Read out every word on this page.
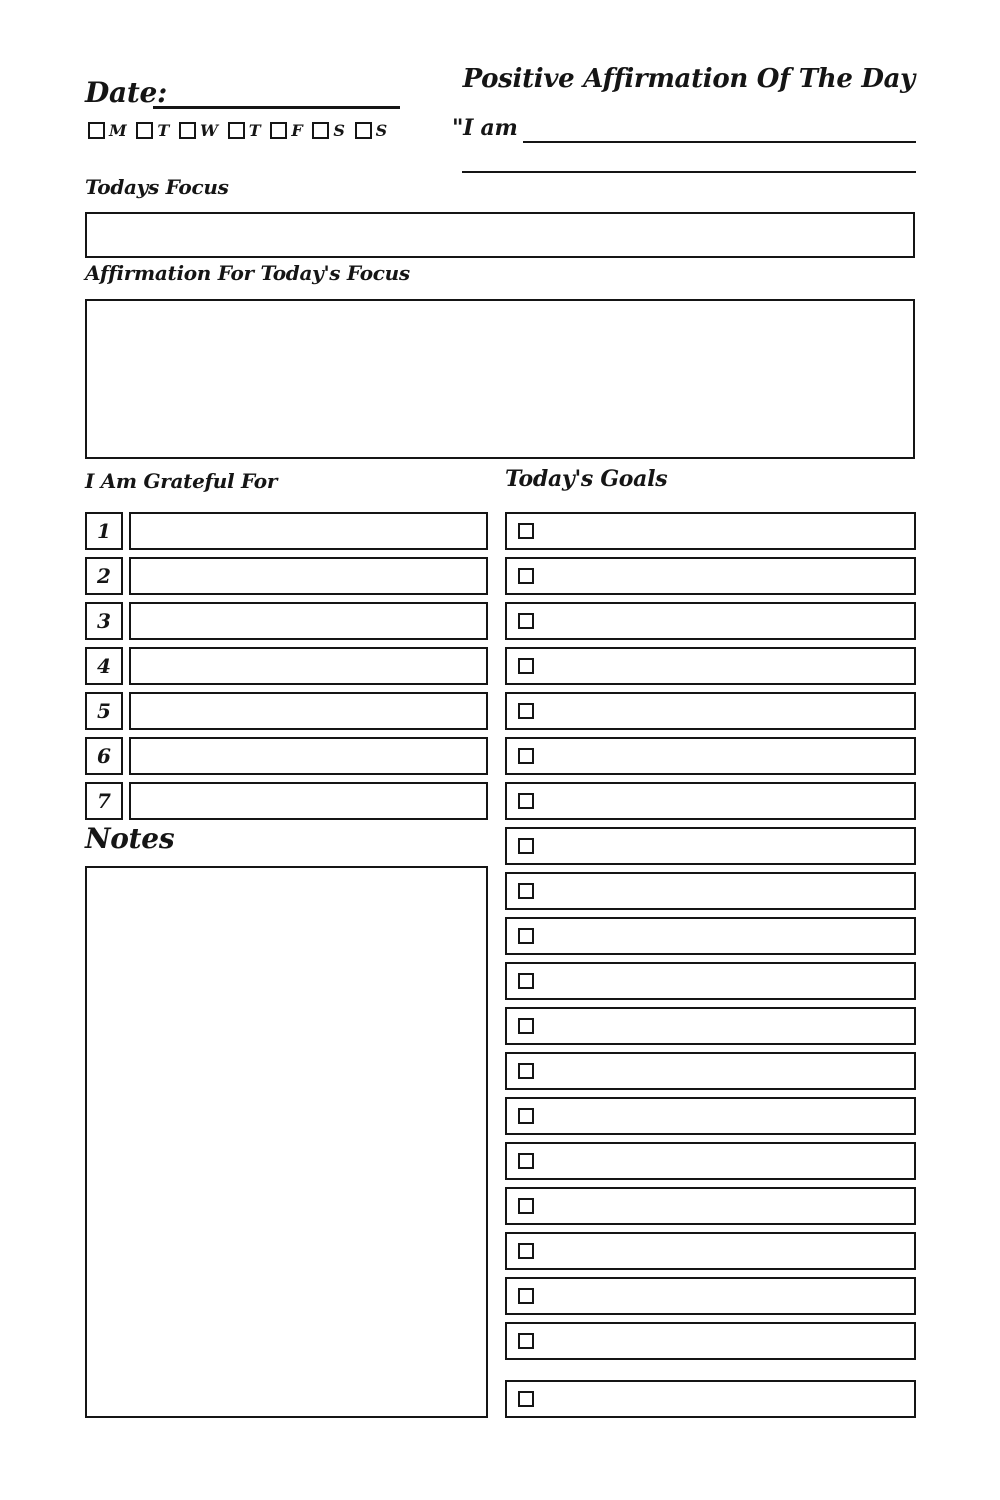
Date:
M T W T F S S
Positive Affirmation Of The Day
"I am
Todays Focus
Affirmation For Today's Focus
I Am Grateful For
1
2
3
4
5
6
7
Today's Goals
Notes
